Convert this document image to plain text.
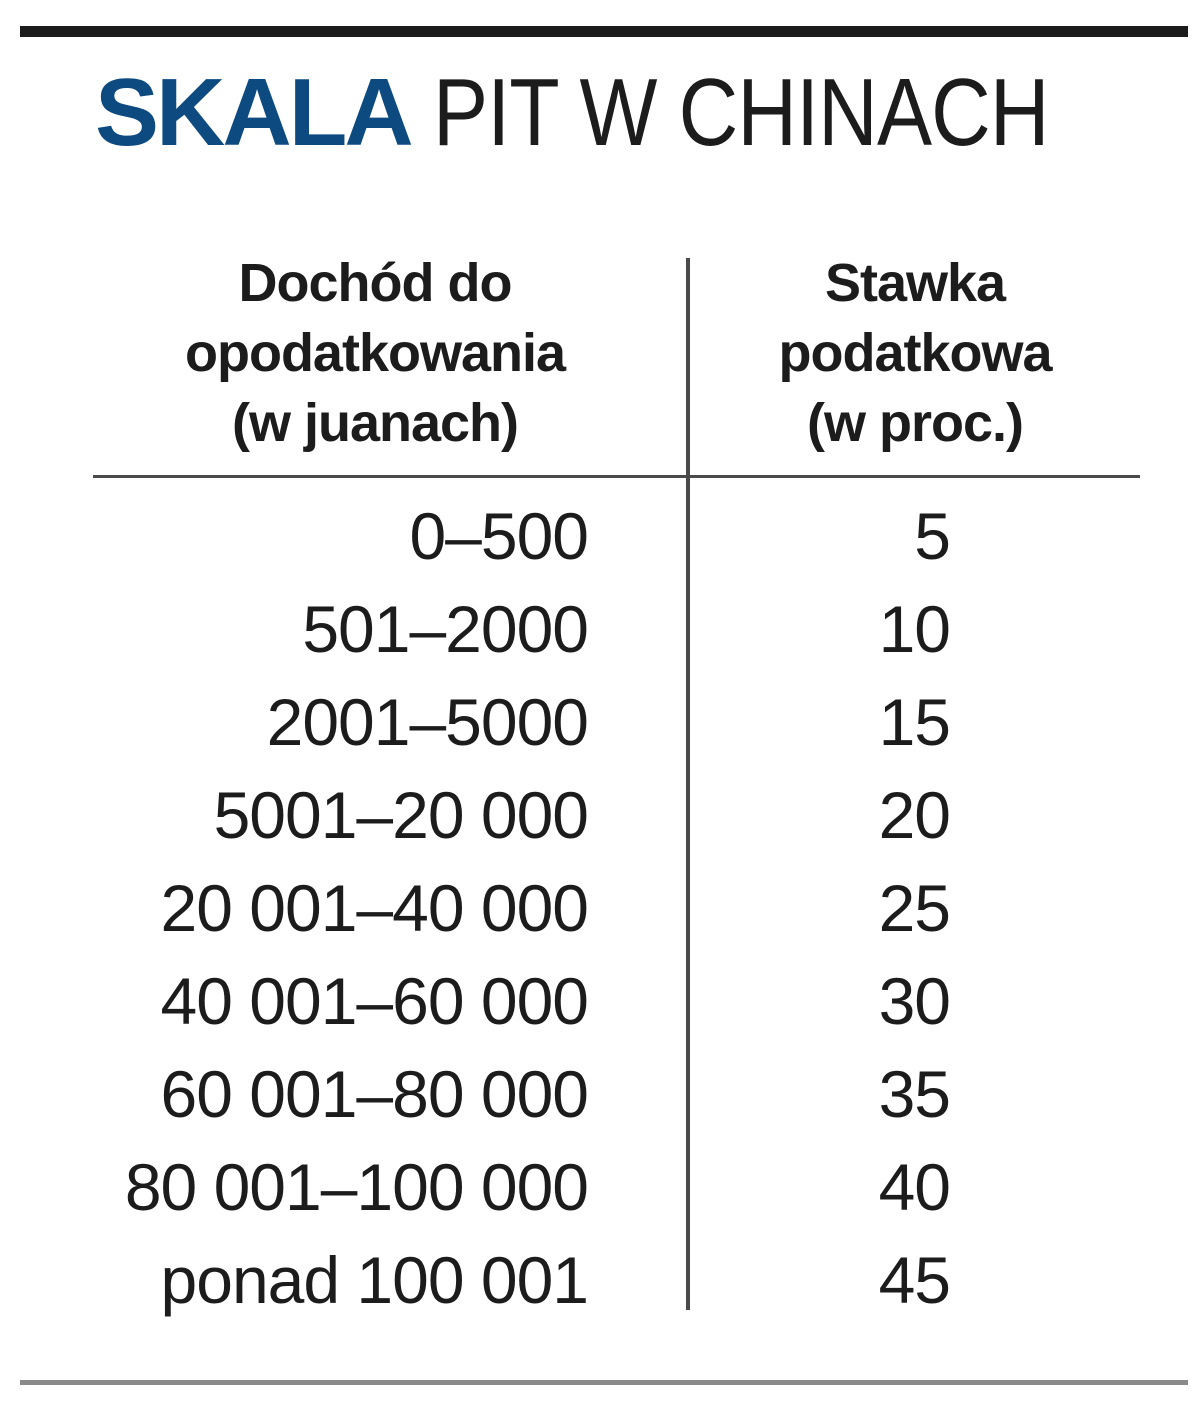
SKALA PIT W CHINACH
Dochód do
opodatkowania
(w juanach)
Stawka
podatkowa
(w proc.)
0–500	5
501–2000	10
2001–5000	15
5001–20 000	20
20 001–40 000	25
40 001–60 000	30
60 001–80 000	35
80 001–100 000	40
ponad 100 001	45
